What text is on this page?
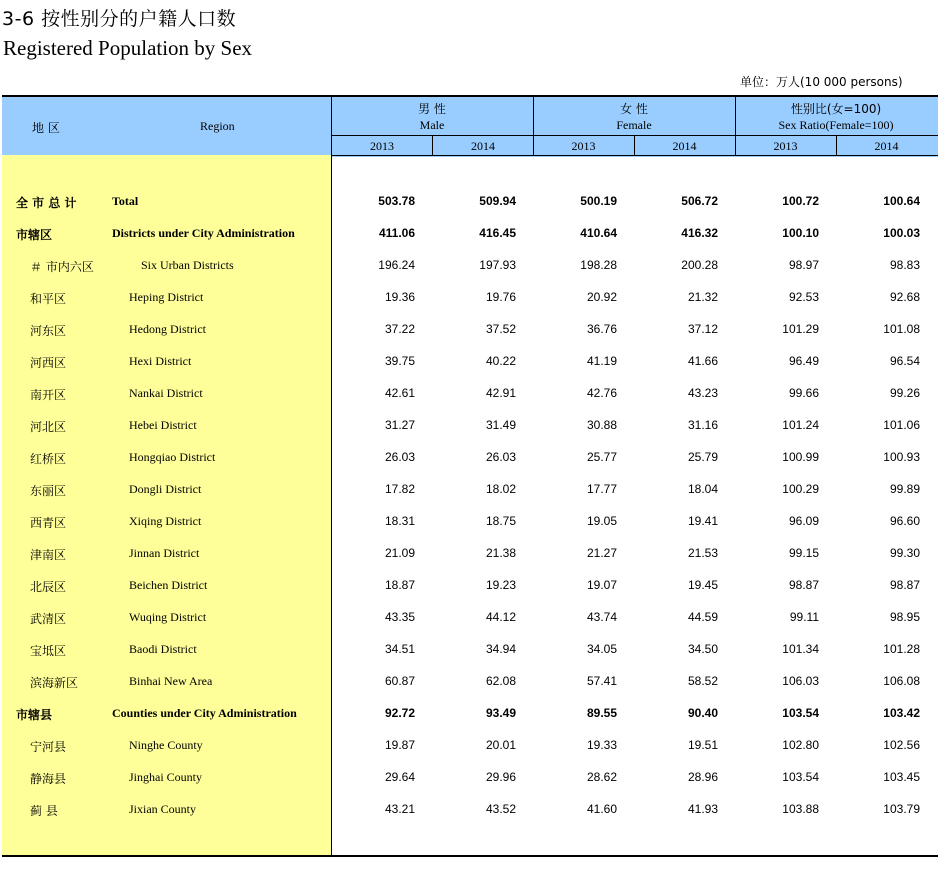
3-6 按性别分的户籍人口数
Registered Population by Sex
单位：万人(10 000 persons)
地 区	Region
男 性
Male
女 性
Female
性别比(女=100)
Sex Ratio(Female=100)
2013	2014	2013	2014	2013	2014
全 市 总 计	Total	503.78	509.94	500.19	506.72	100.72	100.64
市辖区	Districts under City Administration	411.06	416.45	410.64	416.32	100.10	100.03
＃ 市内六区	Six Urban Districts	196.24	197.93	198.28	200.28	98.97	98.83
和平区	Heping District	19.36	19.76	20.92	21.32	92.53	92.68
河东区	Hedong District	37.22	37.52	36.76	37.12	101.29	101.08
河西区	Hexi District	39.75	40.22	41.19	41.66	96.49	96.54
南开区	Nankai District	42.61	42.91	42.76	43.23	99.66	99.26
河北区	Hebei District	31.27	31.49	30.88	31.16	101.24	101.06
红桥区	Hongqiao District	26.03	26.03	25.77	25.79	100.99	100.93
东丽区	Dongli District	17.82	18.02	17.77	18.04	100.29	99.89
西青区	Xiqing District	18.31	18.75	19.05	19.41	96.09	96.60
津南区	Jinnan District	21.09	21.38	21.27	21.53	99.15	99.30
北辰区	Beichen District	18.87	19.23	19.07	19.45	98.87	98.87
武清区	Wuqing District	43.35	44.12	43.74	44.59	99.11	98.95
宝坻区	Baodi District	34.51	34.94	34.05	34.50	101.34	101.28
滨海新区	Binhai New Area	60.87	62.08	57.41	58.52	106.03	106.08
市辖县	Counties under City Administration	92.72	93.49	89.55	90.40	103.54	103.42
宁河县	Ninghe County	19.87	20.01	19.33	19.51	102.80	102.56
静海县	Jinghai County	29.64	29.96	28.62	28.96	103.54	103.45
蓟 县	Jixian County	43.21	43.52	41.60	41.93	103.88	103.79
